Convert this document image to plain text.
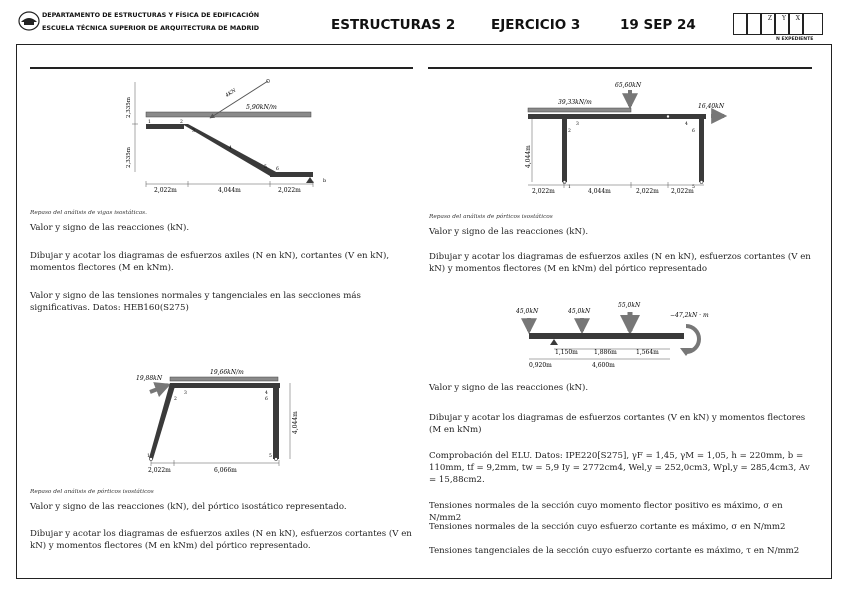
DEPARTAMENTO DE ESTRUCTURAS Y FÍSICA DE EDIFICACIÓN
ESCUELA TÉCNICA SUPERIOR DE ARQUITECTURA DE MADRID	ESTRUCTURAS 2	EJERCICIO 3	19 SEP 24	Z	Y	X
N EXPEDIENTE
5,90kN/m
4KN
b
1	2
3
4
5 6
2,335m
2,335m
2,022m	4,044m	2,022m
Repaso del análisis de vigas isostáticas.
Valor y signo de las reacciones (kN).
Dibujar y acotar los diagramas de esfuerzos axiles (N en kN), cortantes (V en kN), momentos flectores (M en kNm).
Valor y signo de las tensiones normales y tangenciales en las secciones más significativas. Datos: HEB160(S275)
19,66kN/m
19,88kN
1
2
3	4
5
6
4,044m
2,022m	6,066m
Repaso del análisis de pórticos isostáticos
Valor y signo de las reacciones (kN), del pórtico isostático representado.
Dibujar y acotar los diagramas de esfuerzos axiles (N en kN), esfuerzos cortantes (V en kN) y momentos flectores (M en kNm) del pórtico representado.
65,60kN
39,33kN/m
16,40kN
1
2
3	4
5
6
4,044m
2,022m	4,044m	2,022m 2,022m
Repaso del análisis de pórticos isostáticos
Valor y signo de las reacciones (kN).
Dibujar y acotar los diagramas de esfuerzos axiles (N en kN), esfuerzos cortantes (V en kN) y momentos flectores (M en kNm) del pórtico representado
45,0kN	45,0kN
55,0kN
−47,2kN · m
1,150m	1,886m	1,564m
0,920m	4,600m
Valor y signo de las reacciones (kN).
Dibujar y acotar los diagramas de esfuerzos cortantes (V en kN) y momentos flectores (M en kNm)
Comprobación del ELU. Datos: IPE220[S275], γF = 1,45, γM = 1,05, h = 220mm, b = 110mm, tf = 9,2mm, tw = 5,9 Iy = 2772cm4, Wel,y = 252,0cm3, Wpl,y = 285,4cm3, Av = 15,88cm2.
Tensiones normales de la sección cuyo momento flector positivo es máximo, σ en N/mm2
Tensiones normales de la sección cuyo esfuerzo cortante es máximo, σ en N/mm2
Tensiones tangenciales de la sección cuyo esfuerzo cortante es máximo, τ en N/mm2
